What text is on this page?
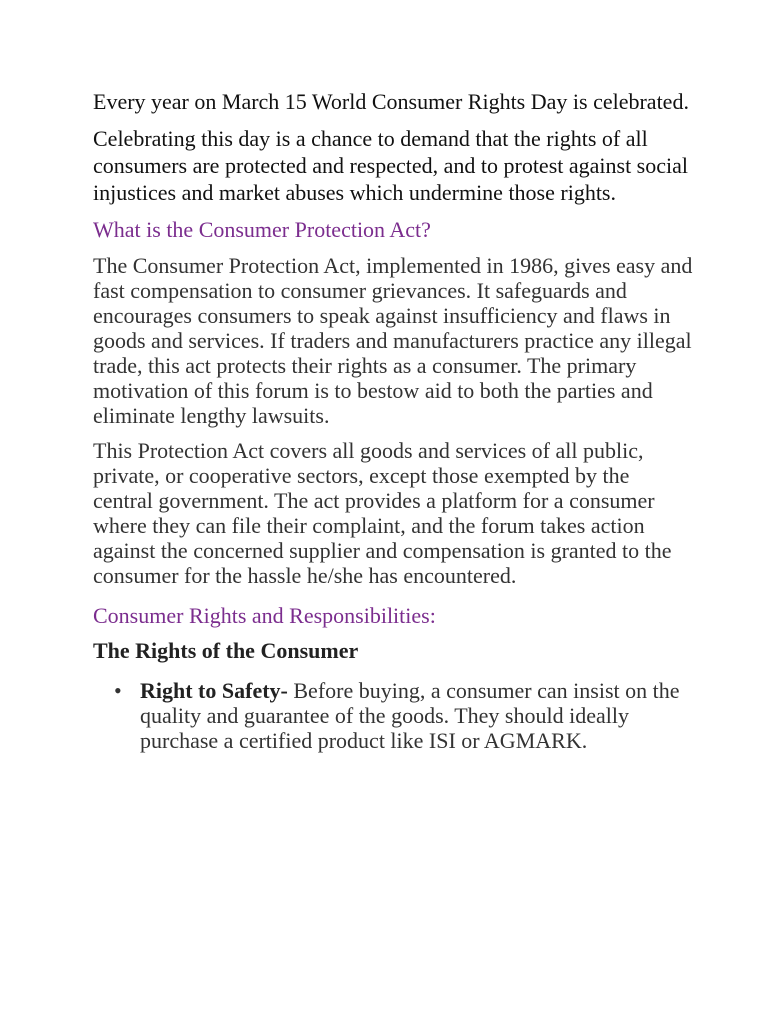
Every year on March 15 World Consumer Rights Day is celebrated.

Celebrating this day is a chance to demand that the rights of all consumers are protected and respected, and to protest against social injustices and market abuses which undermine those rights.

What is the Consumer Protection Act?

The Consumer Protection Act, implemented in 1986, gives easy and fast compensation to consumer grievances. It safeguards and encourages consumers to speak against insufficiency and flaws in goods and services. If traders and manufacturers practice any illegal trade, this act protects their rights as a consumer. The primary motivation of this forum is to bestow aid to both the parties and eliminate lengthy lawsuits.

This Protection Act covers all goods and services of all public, private, or cooperative sectors, except those exempted by the central government. The act provides a platform for a consumer where they can file their complaint, and the forum takes action against the concerned supplier and compensation is granted to the consumer for the hassle he/she has encountered.

Consumer Rights and Responsibilities:
The Rights of the Consumer
• Right to Safety- Before buying, a consumer can insist on the quality and guarantee of the goods. They should ideally purchase a certified product like ISI or AGMARK.
